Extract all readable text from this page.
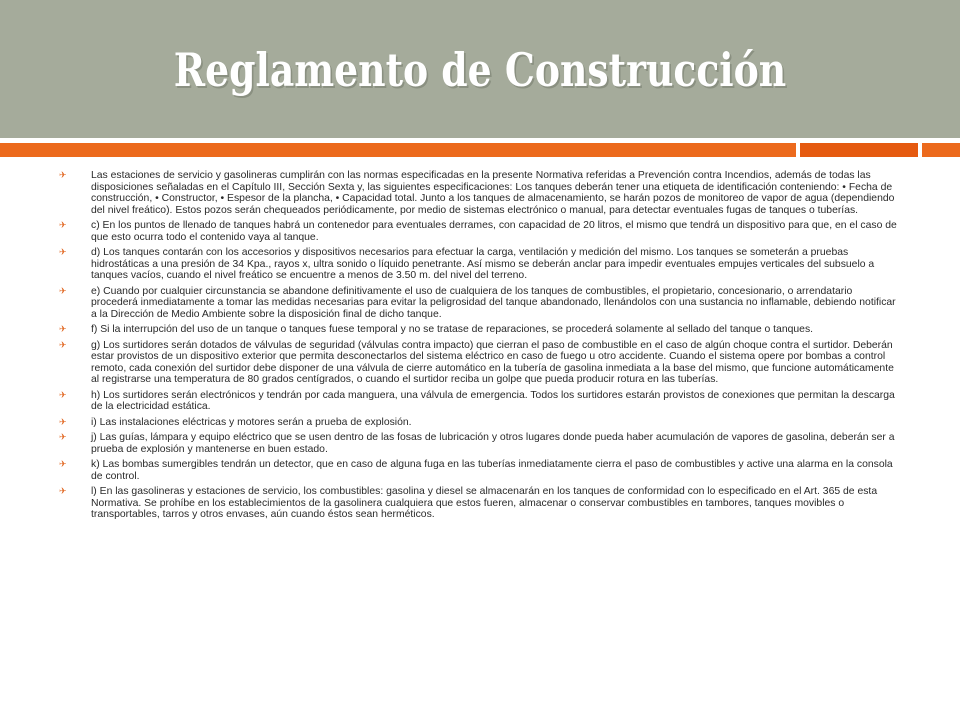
Reglamento de Construcción
✈	Las estaciones de servicio y gasolineras cumplirán con las normas especificadas en la presente Normativa referidas a Prevención contra Incendios, además de todas las disposiciones señaladas en el Capítulo III, Sección Sexta y, las siguientes especificaciones: Los tanques deberán tener una etiqueta de identificación conteniendo: • Fecha de construcción, • Constructor, • Espesor de la plancha, • Capacidad total. Junto a los tanques de almacenamiento, se harán pozos de monitoreo de vapor de agua (dependiendo del nivel freático). Estos pozos serán chequeados periódicamente, por medio de sistemas electrónico o manual, para detectar eventuales fugas de tanques o tuberías.
✈	c) En los puntos de llenado de tanques habrá un contenedor para eventuales derrames, con capacidad de 20 litros, el mismo que tendrá un dispositivo para que, en el caso de que esto ocurra todo el contenido vaya al tanque.
✈	d) Los tanques contarán con los accesorios y dispositivos necesarios para efectuar la carga, ventilación y medición del mismo. Los tanques se someterán a pruebas hidrostáticas a una presión de 34 Kpa., rayos x, ultra sonido o líquido penetrante. Así mismo se deberán anclar para impedir eventuales empujes verticales del subsuelo a tanques vacíos, cuando el nivel freático se encuentre a menos de 3.50 m. del nivel del terreno.
✈	e) Cuando por cualquier circunstancia se abandone definitivamente el uso de cualquiera de los tanques de combustibles, el propietario, concesionario, o arrendatario procederá inmediatamente a tomar las medidas necesarias para evitar la peligrosidad del tanque abandonado, llenándolos con una sustancia no inflamable, debiendo notificar a la Dirección de Medio Ambiente sobre la disposición final de dicho tanque.
✈	f) Si la interrupción del uso de un tanque o tanques fuese temporal y no se tratase de reparaciones, se procederá solamente al sellado del tanque o tanques.
✈	g) Los surtidores serán dotados de válvulas de seguridad (válvulas contra impacto) que cierran el paso de combustible en el caso de algún choque contra el surtidor. Deberán estar provistos de un dispositivo exterior que permita desconectarlos del sistema eléctrico en caso de fuego u otro accidente. Cuando el sistema opere por bombas a control remoto, cada conexión del surtidor debe disponer de una válvula de cierre automático en la tubería de gasolina inmediata a la base del mismo, que funcione automáticamente al registrarse una temperatura de 80 grados centígrados, o cuando el surtidor reciba un golpe que pueda producir rotura en las tuberías.
✈	h) Los surtidores serán electrónicos y tendrán por cada manguera, una válvula de emergencia. Todos los surtidores estarán provistos de conexiones que permitan la descarga de la electricidad estática.
✈	i) Las instalaciones eléctricas y motores serán a prueba de explosión.
✈	j) Las guías, lámpara y equipo eléctrico que se usen dentro de las fosas de lubricación y otros lugares donde pueda haber acumulación de vapores de gasolina, deberán ser a prueba de explosión y mantenerse en buen estado.
✈	k) Las bombas sumergibles tendrán un detector, que en caso de alguna fuga en las tuberías inmediatamente cierra el paso de combustibles y active una alarma en la consola de control.
✈	l) En las gasolineras y estaciones de servicio, los combustibles: gasolina y diesel se almacenarán en los tanques de conformidad con lo especificado en el Art. 365 de esta Normativa. Se prohíbe en los establecimientos de la gasolinera cualquiera que estos fueren, almacenar o conservar combustibles en tambores, tanques movibles o transportables, tarros y otros envases, aún cuando éstos sean herméticos.
